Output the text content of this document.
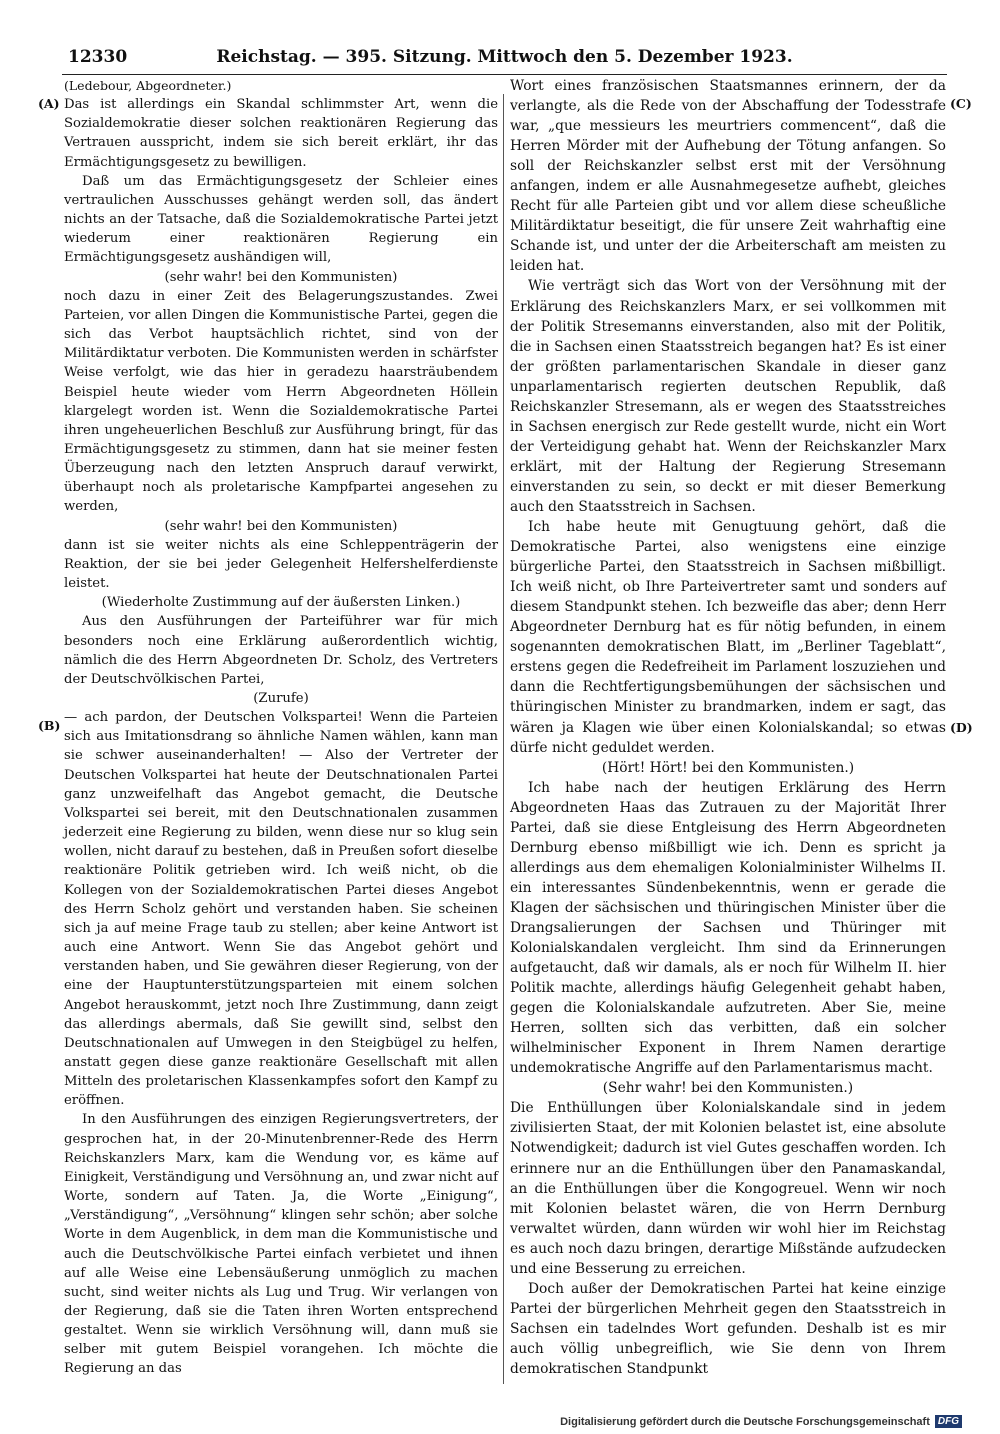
12330	Reichstag. — 395. Sitzung. Mittwoch den 5. Dezember 1923.

(Ledebour, Abgeordneter.)

Das ist allerdings ein Skandal schlimmster Art, wenn die Sozialdemokratie dieser solchen reaktionären Regierung das Vertrauen ausspricht, indem sie sich bereit erklärt, ihr das Ermächtigungsgesetz zu bewilligen.

Daß um das Ermächtigungsgesetz der Schleier eines vertraulichen Ausschusses gehängt werden soll, das ändert nichts an der Tatsache, daß die Sozialdemokratische Partei jetzt wiederum einer reaktionären Regierung ein Ermächtigungsgesetz aushändigen will,

(sehr wahr! bei den Kommunisten)

noch dazu in einer Zeit des Belagerungszustandes. Zwei Parteien, vor allen Dingen die Kommunistische Partei, gegen die sich das Verbot hauptsächlich richtet, sind von der Militärdiktatur verboten. Die Kommunisten werden in schärfster Weise verfolgt, wie das hier in geradezu haarsträubendem Beispiel heute wieder vom Herrn Abgeordneten Höllein klargelegt worden ist. Wenn die Sozialdemokratische Partei ihren ungeheuerlichen Beschluß zur Ausführung bringt, für das Ermächtigungsgesetz zu stimmen, dann hat sie meiner festen Überzeugung nach den letzten Anspruch darauf verwirkt, überhaupt noch als proletarische Kampfpartei angesehen zu werden,

(sehr wahr! bei den Kommunisten)

dann ist sie weiter nichts als eine Schleppenträgerin der Reaktion, der sie bei jeder Gelegenheit Helfershelferdienste leistet.

(Wiederholte Zustimmung auf der äußersten Linken.)

Aus den Ausführungen der Parteiführer war für mich besonders noch eine Erklärung außerordentlich wichtig, nämlich die des Herrn Abgeordneten Dr. Scholz, des Vertreters der Deutschvölkischen Partei,

(Zurufe)

— ach pardon, der Deutschen Volkspartei! Wenn die Parteien sich aus Imitationsdrang so ähnliche Namen wählen, kann man sie schwer auseinanderhalten! — Also der Vertreter der Deutschen Volkspartei hat heute der Deutschnationalen Partei ganz unzweifelhaft das Angebot gemacht, die Deutsche Volkspartei sei bereit, mit den Deutschnationalen zusammen jederzeit eine Regierung zu bilden, wenn diese nur so klug sein wollen, nicht darauf zu bestehen, daß in Preußen sofort dieselbe reaktionäre Politik getrieben wird. Ich weiß nicht, ob die Kollegen von der Sozialdemokratischen Partei dieses Angebot des Herrn Scholz gehört und verstanden haben. Sie scheinen sich ja auf meine Frage taub zu stellen; aber keine Antwort ist auch eine Antwort. Wenn Sie das Angebot gehört und verstanden haben, und Sie gewähren dieser Regierung, von der eine der Hauptunterstützungsparteien mit einem solchen Angebot herauskommt, jetzt noch Ihre Zustimmung, dann zeigt das allerdings abermals, daß Sie gewillt sind, selbst den Deutschnationalen auf Umwegen in den Steigbügel zu helfen, anstatt gegen diese ganze reaktionäre Gesellschaft mit allen Mitteln des proletarischen Klassenkampfes sofort den Kampf zu eröffnen.

In den Ausführungen des einzigen Regierungsvertreters, der gesprochen hat, in der 20-Minutenbrenner-Rede des Herrn Reichskanzlers Marx, kam die Wendung vor, es käme auf Einigkeit, Verständigung und Versöhnung an, und zwar nicht auf Worte, sondern auf Taten. Ja, die Worte „Einigung“, „Verständigung“, „Versöhnung“ klingen sehr schön; aber solche Worte in dem Augenblick, in dem man die Kommunistische und auch die Deutschvölkische Partei einfach verbietet und ihnen auf alle Weise eine Lebensäußerung unmöglich zu machen sucht, sind weiter nichts als Lug und Trug. Wir verlangen von der Regierung, daß sie die Taten ihren Worten entsprechend gestaltet. Wenn sie wirklich Versöhnung will, dann muß sie selber mit gutem Beispiel vorangehen. Ich möchte die Regierung an das

Wort eines französischen Staatsmannes erinnern, der da verlangte, als die Rede von der Abschaffung der Todesstrafe war, „que messieurs les meurtriers commencent“, daß die Herren Mörder mit der Aufhebung der Tötung anfangen. So soll der Reichskanzler selbst erst mit der Versöhnung anfangen, indem er alle Ausnahmegesetze aufhebt, gleiches Recht für alle Parteien gibt und vor allem diese scheußliche Militärdiktatur beseitigt, die für unsere Zeit wahrhaftig eine Schande ist, und unter der die Arbeiterschaft am meisten zu leiden hat.

Wie verträgt sich das Wort von der Versöhnung mit der Erklärung des Reichskanzlers Marx, er sei vollkommen mit der Politik Stresemanns einverstanden, also mit der Politik, die in Sachsen einen Staatsstreich begangen hat? Es ist einer der größten parlamentarischen Skandale in dieser ganz unparlamentarisch regierten deutschen Republik, daß Reichskanzler Stresemann, als er wegen des Staatsstreiches in Sachsen energisch zur Rede gestellt wurde, nicht ein Wort der Verteidigung gehabt hat. Wenn der Reichskanzler Marx erklärt, mit der Haltung der Regierung Stresemann einverstanden zu sein, so deckt er mit dieser Bemerkung auch den Staatsstreich in Sachsen.

Ich habe heute mit Genugtuung gehört, daß die Demokratische Partei, also wenigstens eine einzige bürgerliche Partei, den Staatsstreich in Sachsen mißbilligt. Ich weiß nicht, ob Ihre Parteivertreter samt und sonders auf diesem Standpunkt stehen. Ich bezweifle das aber; denn Herr Abgeordneter Dernburg hat es für nötig befunden, in einem sogenannten demokratischen Blatt, im „Berliner Tageblatt“, erstens gegen die Redefreiheit im Parlament loszuziehen und dann die Rechtfertigungsbemühungen der sächsischen und thüringischen Minister zu brandmarken, indem er sagt, das wären ja Klagen wie über einen Kolonialskandal; so etwas dürfe nicht geduldet werden.

(Hört! Hört! bei den Kommunisten.)

Ich habe nach der heutigen Erklärung des Herrn Abgeordneten Haas das Zutrauen zu der Majorität Ihrer Partei, daß sie diese Entgleisung des Herrn Abgeordneten Dernburg ebenso mißbilligt wie ich. Denn es spricht ja allerdings aus dem ehemaligen Kolonialminister Wilhelms II. ein interessantes Sündenbekenntnis, wenn er gerade die Klagen der sächsischen und thüringischen Minister über die Drangsalierungen der Sachsen und Thüringer mit Kolonialskandalen vergleicht. Ihm sind da Erinnerungen aufgetaucht, daß wir damals, als er noch für Wilhelm II. hier Politik machte, allerdings häufig Gelegenheit gehabt haben, gegen die Kolonialskandale aufzutreten. Aber Sie, meine Herren, sollten sich das verbitten, daß ein solcher wilhelminischer Exponent in Ihrem Namen derartige undemokratische Angriffe auf den Parlamentarismus macht.

(Sehr wahr! bei den Kommunisten.)

Die Enthüllungen über Kolonialskandale sind in jedem zivilisierten Staat, der mit Kolonien belastet ist, eine absolute Notwendigkeit; dadurch ist viel Gutes geschaffen worden. Ich erinnere nur an die Enthüllungen über den Panamaskandal, an die Enthüllungen über die Kongogreuel. Wenn wir noch mit Kolonien belastet wären, die von Herrn Dernburg verwaltet würden, dann würden wir wohl hier im Reichstag es auch noch dazu bringen, derartige Mißstände aufzudecken und eine Besserung zu erreichen.

Doch außer der Demokratischen Partei hat keine einzige Partei der bürgerlichen Mehrheit gegen den Staatsstreich in Sachsen ein tadelndes Wort gefunden. Deshalb ist es mir auch völlig unbegreiflich, wie Sie denn von Ihrem demokratischen Standpunkt

(A)
(B)
(C)
(D)
Digitalisierung gefördert durch die Deutsche Forschungsgemeinschaft DFG
